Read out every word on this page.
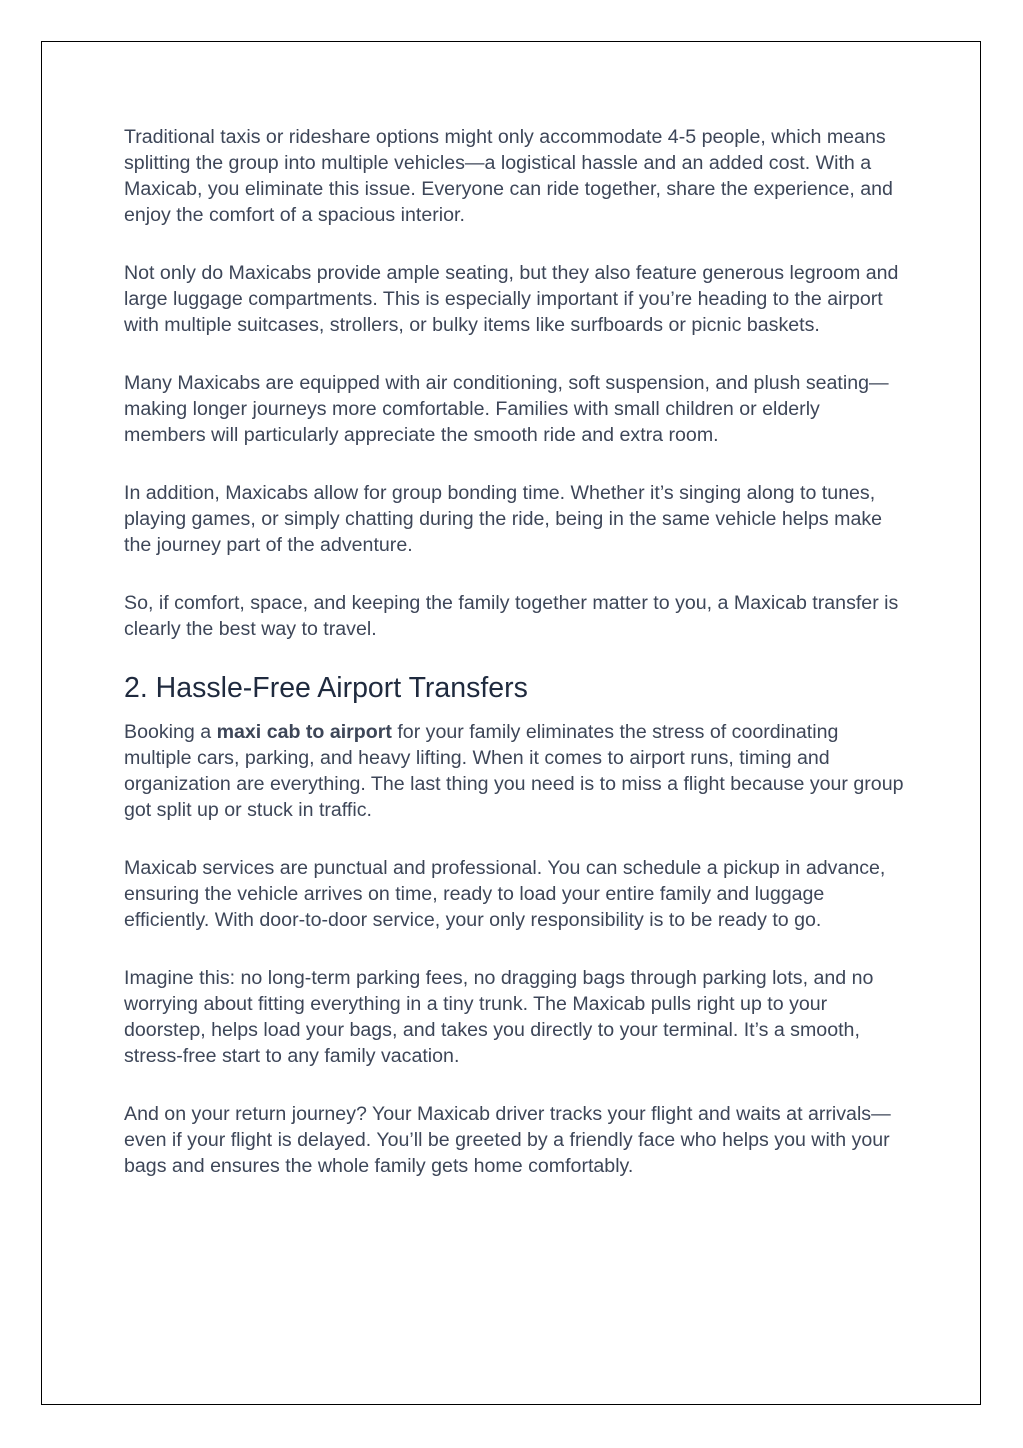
Traditional taxis or rideshare options might only accommodate 4-5 people, which means splitting the group into multiple vehicles—a logistical hassle and an added cost. With a Maxicab, you eliminate this issue. Everyone can ride together, share the experience, and enjoy the comfort of a spacious interior.

Not only do Maxicabs provide ample seating, but they also feature generous legroom and large luggage compartments. This is especially important if you’re heading to the airport with multiple suitcases, strollers, or bulky items like surfboards or picnic baskets.

Many Maxicabs are equipped with air conditioning, soft suspension, and plush seating—making longer journeys more comfortable. Families with small children or elderly members will particularly appreciate the smooth ride and extra room.

In addition, Maxicabs allow for group bonding time. Whether it’s singing along to tunes, playing games, or simply chatting during the ride, being in the same vehicle helps make the journey part of the adventure.

So, if comfort, space, and keeping the family together matter to you, a Maxicab transfer is clearly the best way to travel.

2. Hassle-Free Airport Transfers

Booking a maxi cab to airport for your family eliminates the stress of coordinating multiple cars, parking, and heavy lifting. When it comes to airport runs, timing and organization are everything. The last thing you need is to miss a flight because your group got split up or stuck in traffic.

Maxicab services are punctual and professional. You can schedule a pickup in advance, ensuring the vehicle arrives on time, ready to load your entire family and luggage efficiently. With door-to-door service, your only responsibility is to be ready to go.

Imagine this: no long-term parking fees, no dragging bags through parking lots, and no worrying about fitting everything in a tiny trunk. The Maxicab pulls right up to your doorstep, helps load your bags, and takes you directly to your terminal. It’s a smooth, stress-free start to any family vacation.

And on your return journey? Your Maxicab driver tracks your flight and waits at arrivals—even if your flight is delayed. You’ll be greeted by a friendly face who helps you with your bags and ensures the whole family gets home comfortably.
